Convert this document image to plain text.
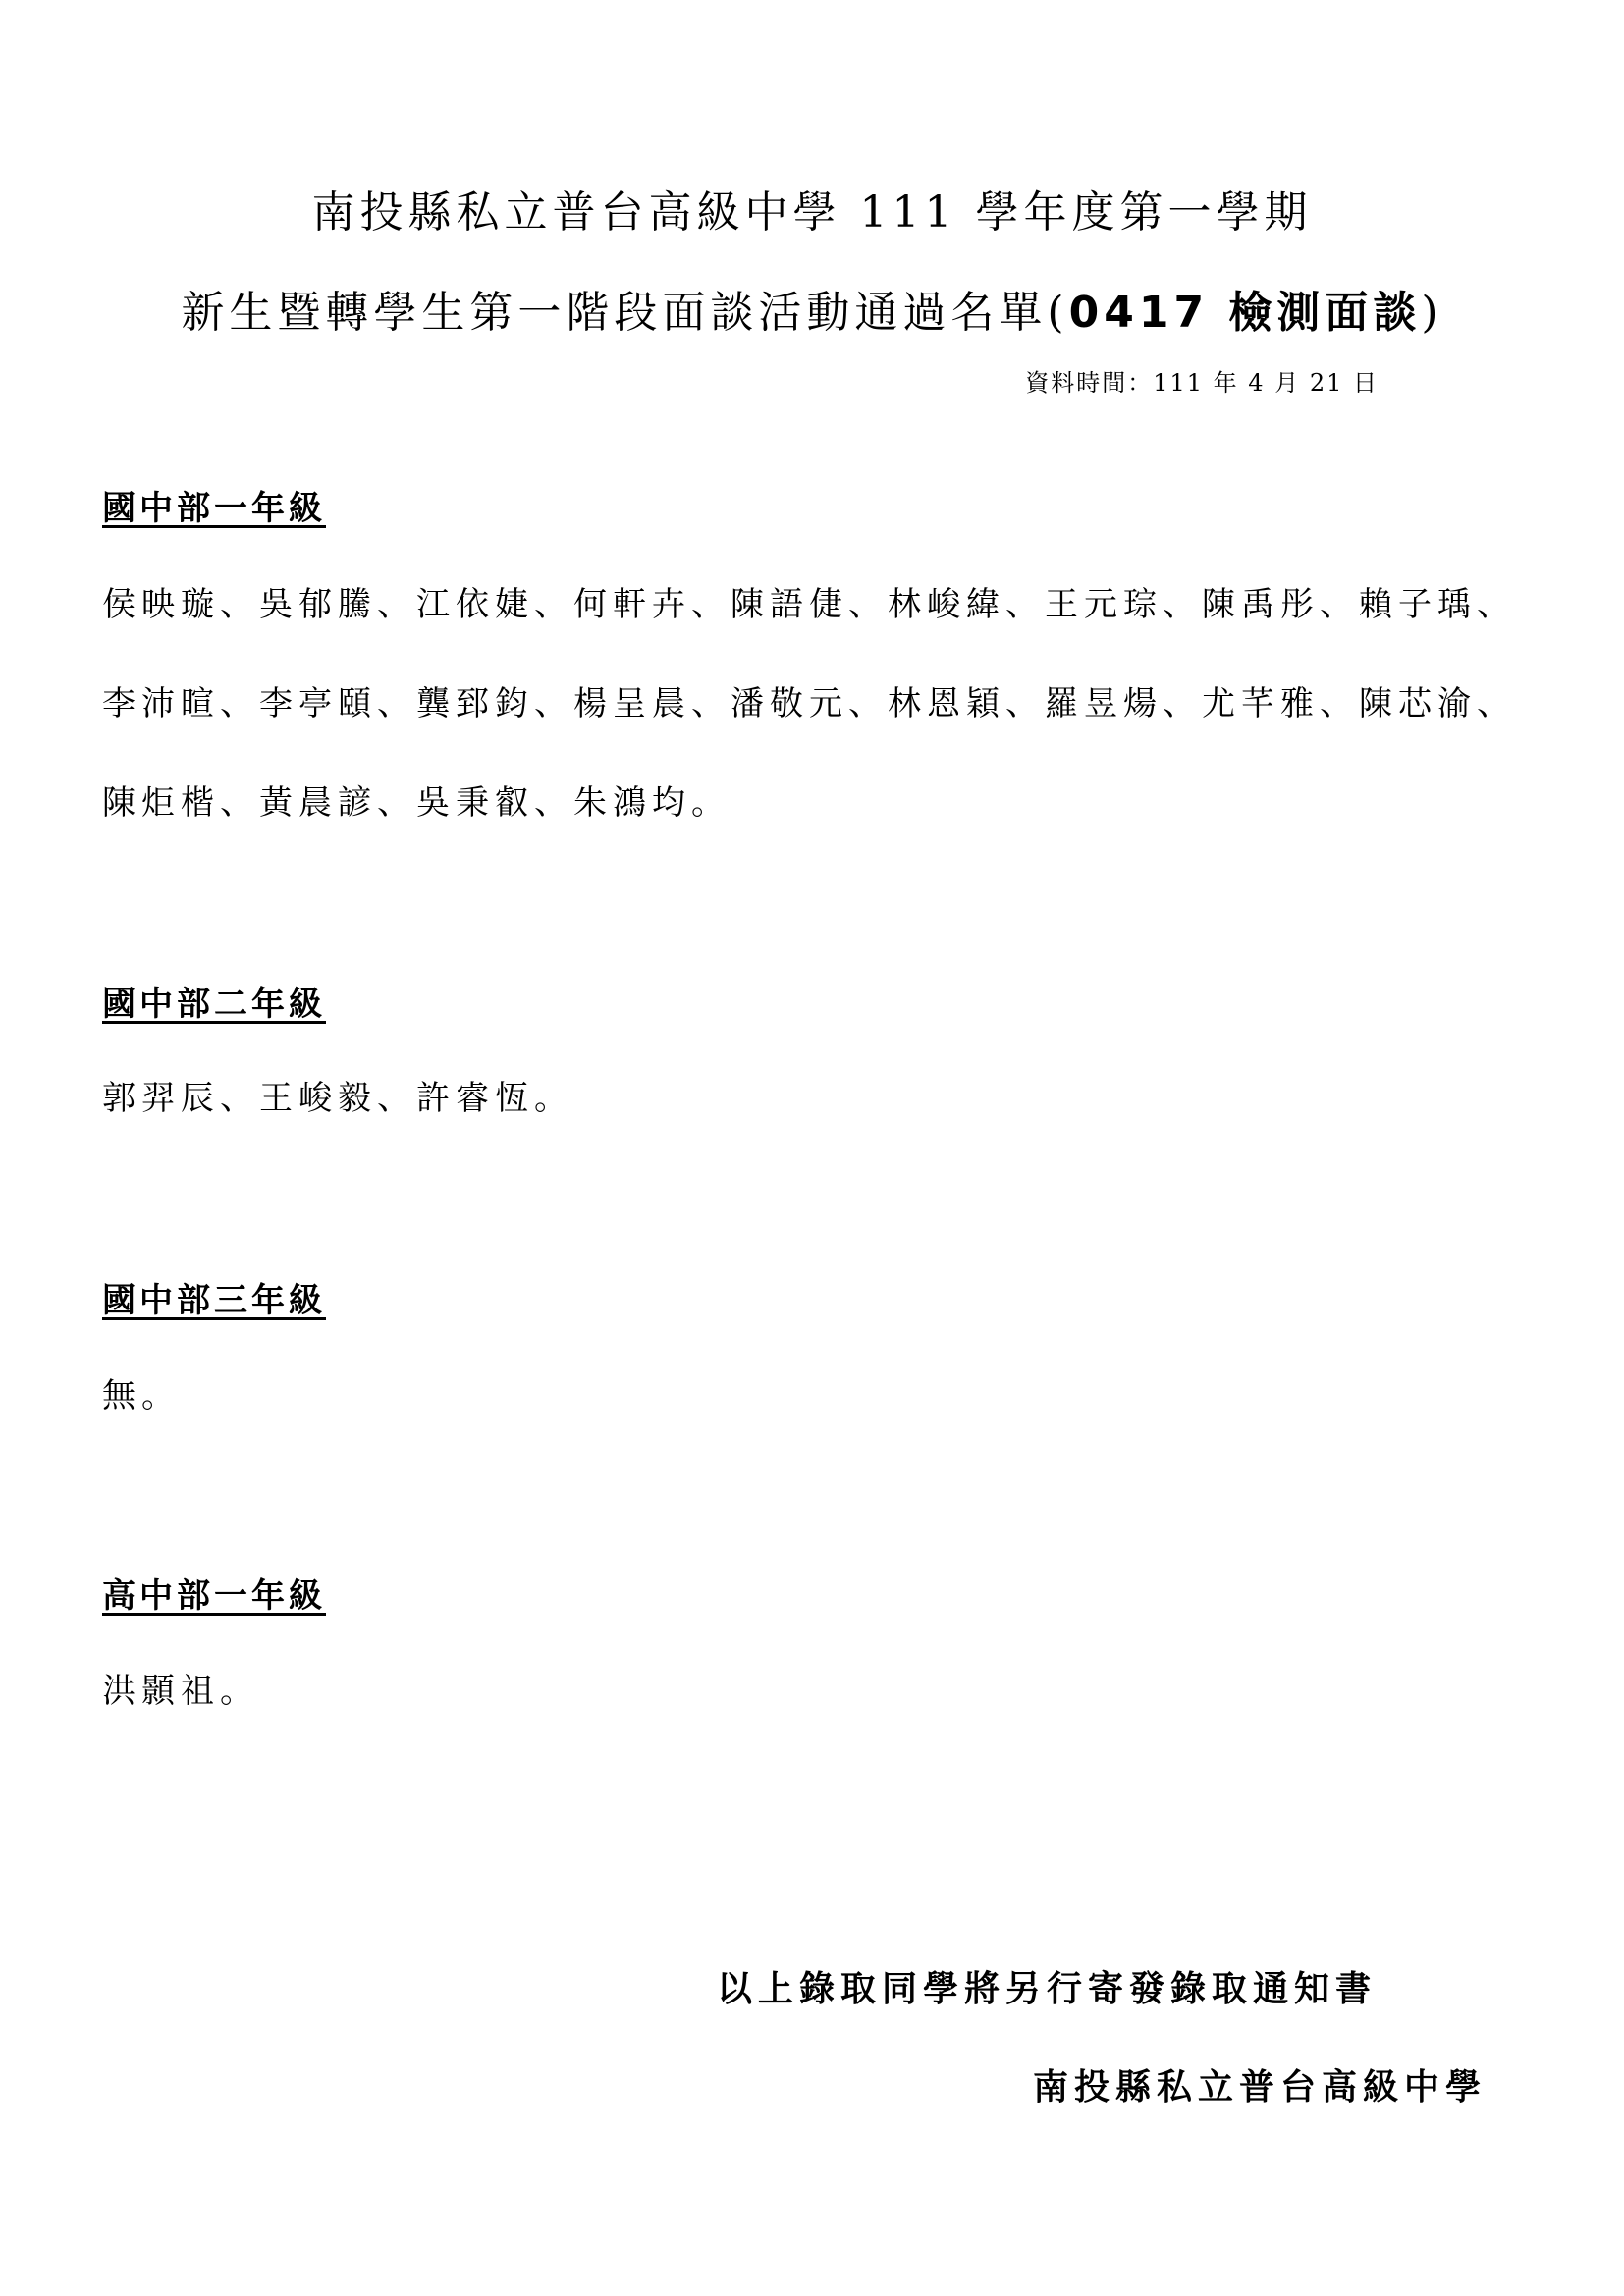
南投縣私立普台高級中學 111 學年度第一學期
新生暨轉學生第一階段面談活動通過名單(0417 檢測面談)
資料時間：111 年 4 月 21 日
國中部一年級
侯映璇、吳郁騰、江依婕、何軒卉、陳語倢、林峻緯、王元琮、陳禹彤、賴子瑀、李沛暄、李亭頤、龔郅鈞、楊呈晨、潘敬元、林恩穎、羅昱煬、尤芊雅、陳芯渝、陳炬楷、黃晨諺、吳秉叡、朱鴻均。
國中部二年級
郭羿辰、王峻毅、許睿恆。
國中部三年級
無。
高中部一年級
洪顥祖。
以上錄取同學將另行寄發錄取通知書
南投縣私立普台高級中學
